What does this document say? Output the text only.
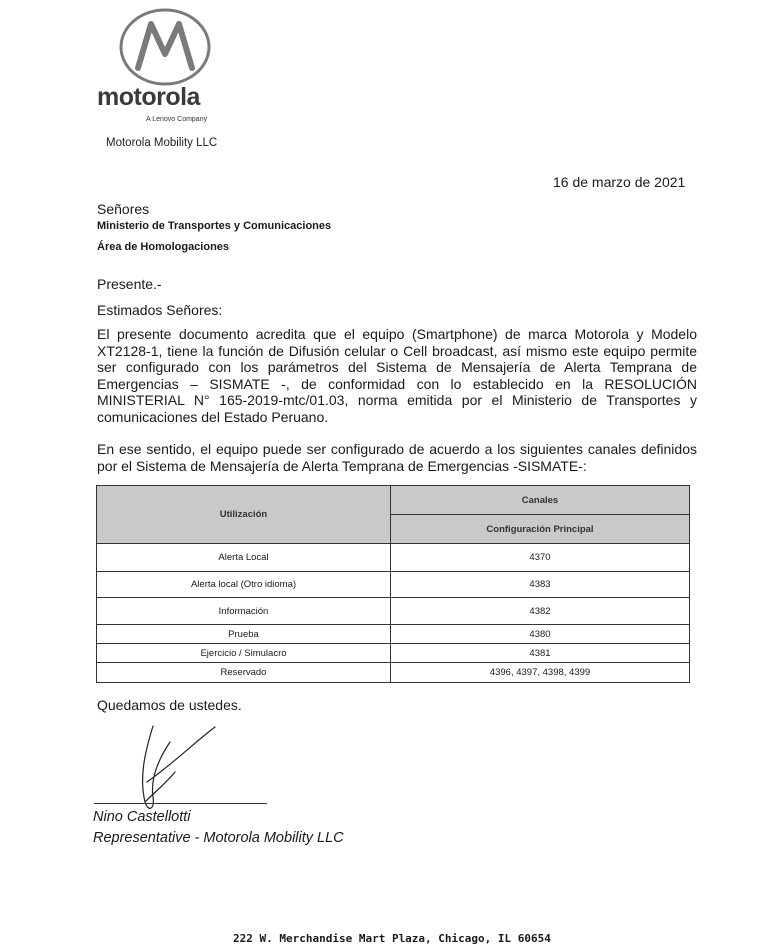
motorola
A Lenovo Company
Motorola Mobility LLC
16 de marzo de 2021
Señores
Ministerio de Transportes y Comunicaciones
Área de Homologaciones
Presente.-
Estimados Señores:
El presente documento acredita que el equipo (Smartphone) de marca Motorola y Modelo XT2128-1, tiene la función de Difusión celular o Cell broadcast, así mismo este equipo permite ser configurado con los parámetros del Sistema de Mensajería de Alerta Temprana de Emergencias – SISMATE -, de conformidad con lo establecido en la RESOLUCIÓN MINISTERIAL N° 165-2019-mtc/01.03, norma emitida por el Ministerio de Transportes y comunicaciones del Estado Peruano.
En ese sentido, el equipo puede ser configurado de acuerdo a los siguientes canales definidos por el Sistema de Mensajería de Alerta Temprana de Emergencias -SISMATE-:
Utilización	Canales
	Configuración Principal
Alerta Local	4370
Alerta local (Otro idioma)	4383
Información	4382
Prueba	4380
Ejercicio / Simulacro	4381
Reservado	4396, 4397, 4398, 4399
Quedamos de ustedes.
Nino Castellotti
Representative - Motorola Mobility LLC
222 W. Merchandise Mart Plaza, Chicago, IL 60654
